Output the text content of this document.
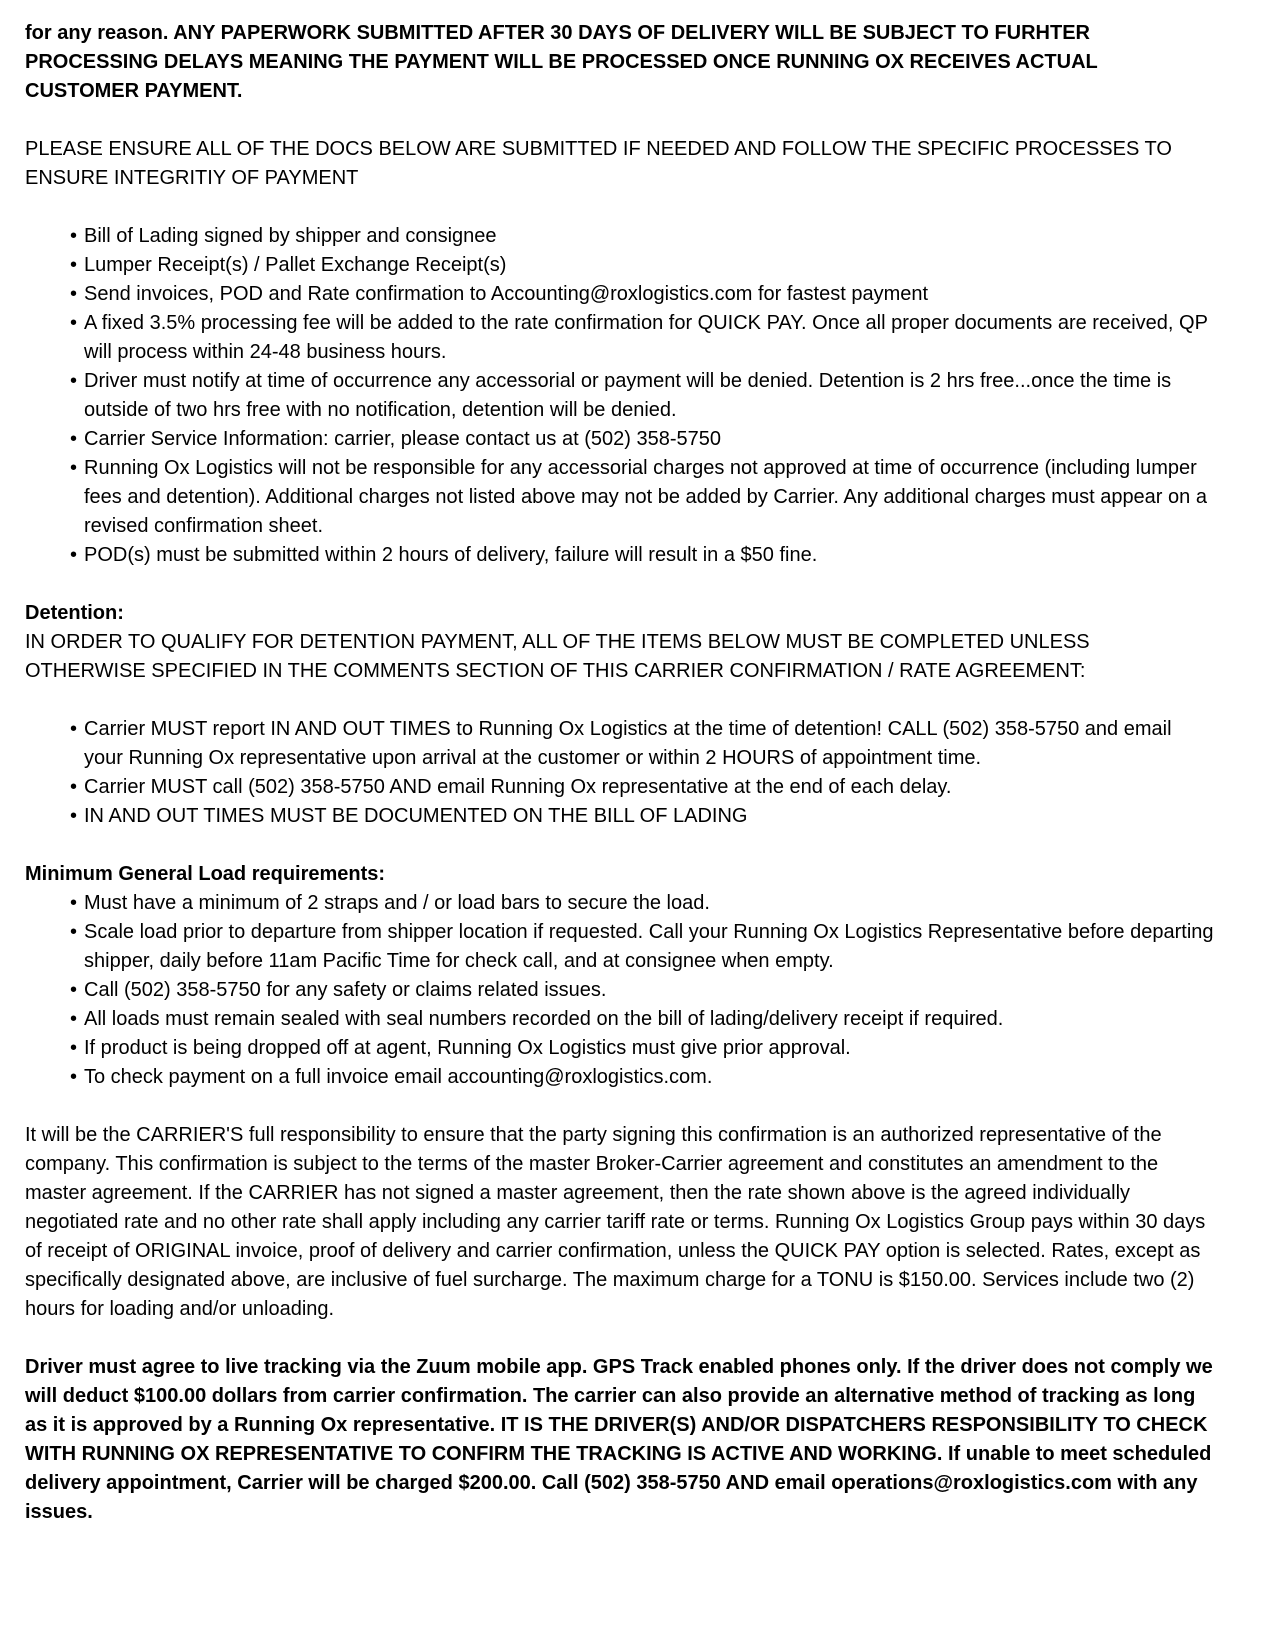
for any reason. ANY PAPERWORK SUBMITTED AFTER 30 DAYS OF DELIVERY WILL BE SUBJECT TO FURHTER PROCESSING DELAYS MEANING THE PAYMENT WILL BE PROCESSED ONCE RUNNING OX RECEIVES ACTUAL CUSTOMER PAYMENT.

PLEASE ENSURE ALL OF THE DOCS BELOW ARE SUBMITTED IF NEEDED AND FOLLOW THE SPECIFIC PROCESSES TO ENSURE INTEGRITIY OF PAYMENT

• Bill of Lading signed by shipper and consignee
• Lumper Receipt(s) / Pallet Exchange Receipt(s)
• Send invoices, POD and Rate confirmation to Accounting@roxlogistics.com for fastest payment
• A fixed 3.5% processing fee will be added to the rate confirmation for QUICK PAY. Once all proper documents are received, QP will process within 24-48 business hours.
• Driver must notify at time of occurrence any accessorial or payment will be denied. Detention is 2 hrs free...once the time is outside of two hrs free with no notification, detention will be denied.
• Carrier Service Information: carrier, please contact us at (502) 358-5750
• Running Ox Logistics will not be responsible for any accessorial charges not approved at time of occurrence (including lumper fees and detention). Additional charges not listed above may not be added by Carrier. Any additional charges must appear on a revised confirmation sheet.
• POD(s) must be submitted within 2 hours of delivery, failure will result in a $50 fine.

Detention:

IN ORDER TO QUALIFY FOR DETENTION PAYMENT, ALL OF THE ITEMS BELOW MUST BE COMPLETED UNLESS OTHERWISE SPECIFIED IN THE COMMENTS SECTION OF THIS CARRIER CONFIRMATION / RATE AGREEMENT:

• Carrier MUST report IN AND OUT TIMES to Running Ox Logistics at the time of detention! CALL (502) 358-5750 and email your Running Ox representative upon arrival at the customer or within 2 HOURS of appointment time.
• Carrier MUST call (502) 358-5750 AND email Running Ox representative at the end of each delay.
• IN AND OUT TIMES MUST BE DOCUMENTED ON THE BILL OF LADING

Minimum General Load requirements:

• Must have a minimum of 2 straps and / or load bars to secure the load.
• Scale load prior to departure from shipper location if requested. Call your Running Ox Logistics Representative before departing shipper, daily before 11am Pacific Time for check call, and at consignee when empty.
• Call (502) 358-5750 for any safety or claims related issues.
• All loads must remain sealed with seal numbers recorded on the bill of lading/delivery receipt if required.
• If product is being dropped off at agent, Running Ox Logistics must give prior approval.
• To check payment on a full invoice email accounting@roxlogistics.com.

It will be the CARRIER'S full responsibility to ensure that the party signing this confirmation is an authorized representative of the company. This confirmation is subject to the terms of the master Broker-Carrier agreement and constitutes an amendment to the master agreement. If the CARRIER has not signed a master agreement, then the rate shown above is the agreed individually negotiated rate and no other rate shall apply including any carrier tariff rate or terms. Running Ox Logistics Group pays within 30 days of receipt of ORIGINAL invoice, proof of delivery and carrier confirmation, unless the QUICK PAY option is selected. Rates, except as specifically designated above, are inclusive of fuel surcharge. The maximum charge for a TONU is $150.00. Services include two (2) hours for loading and/or unloading.

Driver must agree to live tracking via the Zuum mobile app. GPS Track enabled phones only. If the driver does not comply we will deduct $100.00 dollars from carrier confirmation. The carrier can also provide an alternative method of tracking as long as it is approved by a Running Ox representative. IT IS THE DRIVER(S) AND/OR DISPATCHERS RESPONSIBILITY TO CHECK WITH RUNNING OX REPRESENTATIVE TO CONFIRM THE TRACKING IS ACTIVE AND WORKING. If unable to meet scheduled delivery appointment, Carrier will be charged $200.00. Call (502) 358-5750 AND email operations@roxlogistics.com with any issues.
